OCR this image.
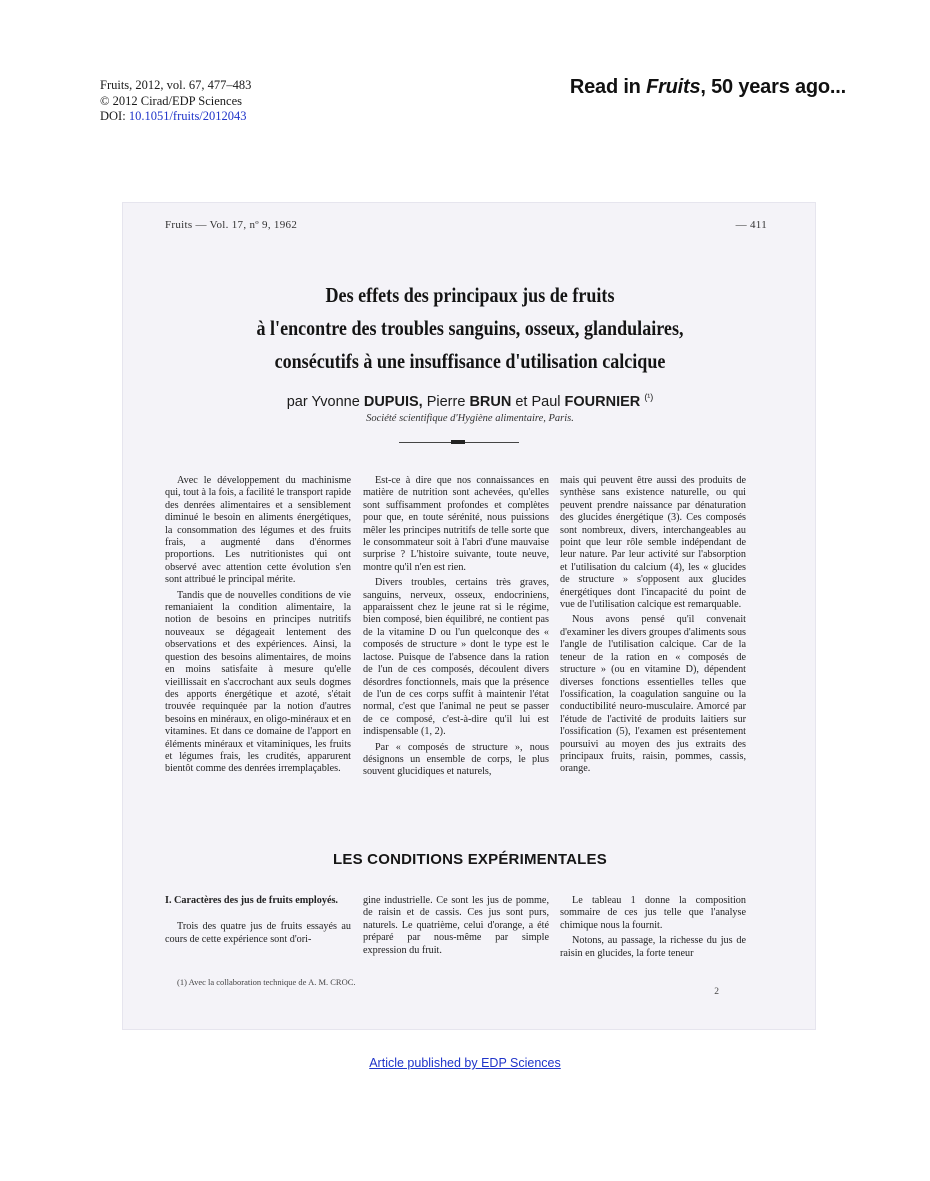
Fruits, 2012, vol. 67, 477–483
© 2012 Cirad/EDP Sciences
DOI: 10.1051/fruits/2012043
Read in Fruits, 50 years ago...
Fruits — Vol. 17, nº 9, 1962	— 411
Des effets des principaux jus de fruits
à l'encontre des troubles sanguins, osseux, glandulaires,
consécutifs à une insuffisance d'utilisation calcique
par Yvonne DUPUIS, Pierre BRUN et Paul FOURNIER $^{(^1)}$
Société scientifique d'Hygiène alimentaire, Paris.

Avec le développement du machinisme qui, tout à la fois, a facilité le transport rapide des denrées alimentaires et a sensiblement diminué le besoin en aliments énergétiques, la consommation des légumes et des fruits frais, a augmenté dans d'énormes proportions. Les nutritionistes qui ont observé avec attention cette évolution s'en sont attribué le principal mérite.

Tandis que de nouvelles conditions de vie remaniaient la condition alimentaire, la notion de besoins en principes nutritifs nouveaux se dégageait lentement des observations et des expériences. Ainsi, la question des besoins alimentaires, de moins en moins satisfaite à mesure qu'elle vieillissait en s'accrochant aux seuls dogmes des apports énergétique et azoté, s'était trouvée requinquée par la notion d'autres besoins en minéraux, en oligo-minéraux et en vitamines. Et dans ce domaine de l'apport en éléments minéraux et vitaminiques, les fruits et légumes frais, les crudités, apparurent bientôt comme des denrées irremplaçables.

Est-ce à dire que nos connaissances en matière de nutrition sont achevées, qu'elles sont suffisamment profondes et complètes pour que, en toute sérénité, nous puissions mêler les principes nutritifs de telle sorte que le consommateur soit à l'abri d'une mauvaise surprise ? L'histoire suivante, toute neuve, montre qu'il n'en est rien.

Divers troubles, certains très graves, sanguins, nerveux, osseux, endocriniens, apparaissent chez le jeune rat si le régime, bien composé, bien équilibré, ne contient pas de la vitamine D ou l'un quelconque des « composés de structure » dont le type est le lactose. Puisque de l'absence dans la ration de l'un de ces composés, découlent divers désordres fonctionnels, mais que la présence de l'un de ces corps suffit à maintenir l'état normal, c'est que l'animal ne peut se passer de ce composé, c'est-à-dire qu'il lui est indispensable (1, 2).

Par « composés de structure », nous désignons un ensemble de corps, le plus souvent glucidiques et naturels,

mais qui peuvent être aussi des produits de synthèse sans existence naturelle, ou qui peuvent prendre naissance par dénaturation des glucides énergétique (3). Ces composés sont nombreux, divers, interchangeables au point que leur rôle semble indépendant de leur nature. Par leur activité sur l'absorption et l'utilisation du calcium (4), les « glucides de structure » s'opposent aux glucides énergétiques dont l'incapacité du point de vue de l'utilisation calcique est remarquable.

Nous avons pensé qu'il convenait d'examiner les divers groupes d'aliments sous l'angle de l'utilisation calcique. Car de la teneur de la ration en « composés de structure » (ou en vitamine D), dépendent diverses fonctions essentielles telles que l'ossification, la coagulation sanguine ou la conductibilité neuro-musculaire. Amorcé par l'étude de l'activité de produits laitiers sur l'ossification (5), l'examen est présentement poursuivi au moyen des jus extraits des principaux fruits, raisin, pommes, cassis, orange.

LES CONDITIONS EXPÉRIMENTALES

I. Caractères des jus de fruits employés.

Trois des quatre jus de fruits essayés au cours de cette expérience sont d'ori-

gine industrielle. Ce sont les jus de pomme, de raisin et de cassis. Ces jus sont purs, naturels. Le quatrième, celui d'orange, a été préparé par nous-même par simple expression du fruit.

Le tableau 1 donne la composition sommaire de ces jus telle que l'analyse chimique nous la fournit.

Notons, au passage, la richesse du jus de raisin en glucides, la forte teneur

(1) Avec la collaboration technique de A. M. CROC.
2
Article published by EDP Sciences
